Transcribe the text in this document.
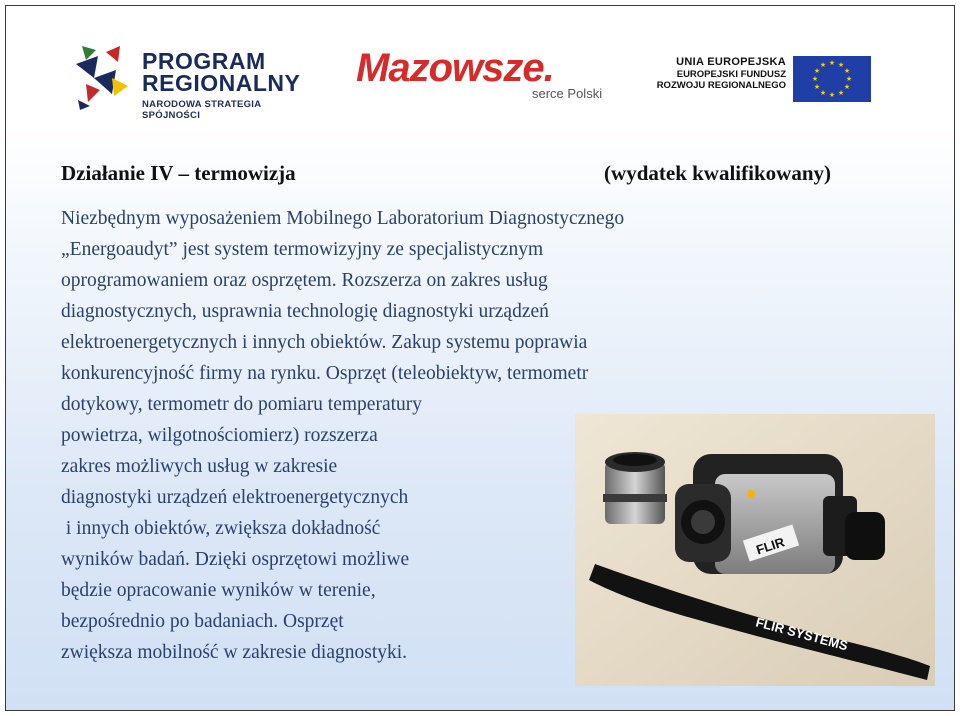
PROGRAM
REGIONALNY
NARODOWA STRATEGIA SPÓJNOŚCI
Mazowsze.
serce Polski
UNIA EUROPEJSKA
EUROPEJSKI FUNDUSZ
ROZWOJU REGIONALNEGO
★ ★
★
★
★
★
★
★
★
★
★
★
Działanie IV – termowizja	(wydatek kwalifikowany)
Niezbędnym wyposażeniem Mobilnego Laboratorium Diagnostycznego
„Energoaudyt” jest system termowizyjny ze specjalistycznym
oprogramowaniem oraz osprzętem. Rozszerza on zakres usług
diagnostycznych, usprawnia technologię diagnostyki urządzeń
elektroenergetycznych i innych obiektów. Zakup systemu poprawia
konkurencyjność firmy na rynku. Osprzęt (teleobiektyw, termometr
dotykowy, termometr do pomiaru temperatury
powietrza, wilgotnościomierz) rozszerza
zakres możliwych usług w zakresie
diagnostyki urządzeń elektroenergetycznych
i innych obiektów, zwiększa dokładność
wyników badań. Dzięki osprzętowi możliwe
będzie opracowanie wyników w terenie,
bezpośrednio po badaniach. Osprzęt
zwiększa mobilność w zakresie diagnostyki.
FLIR
FLIR SYSTEMS
